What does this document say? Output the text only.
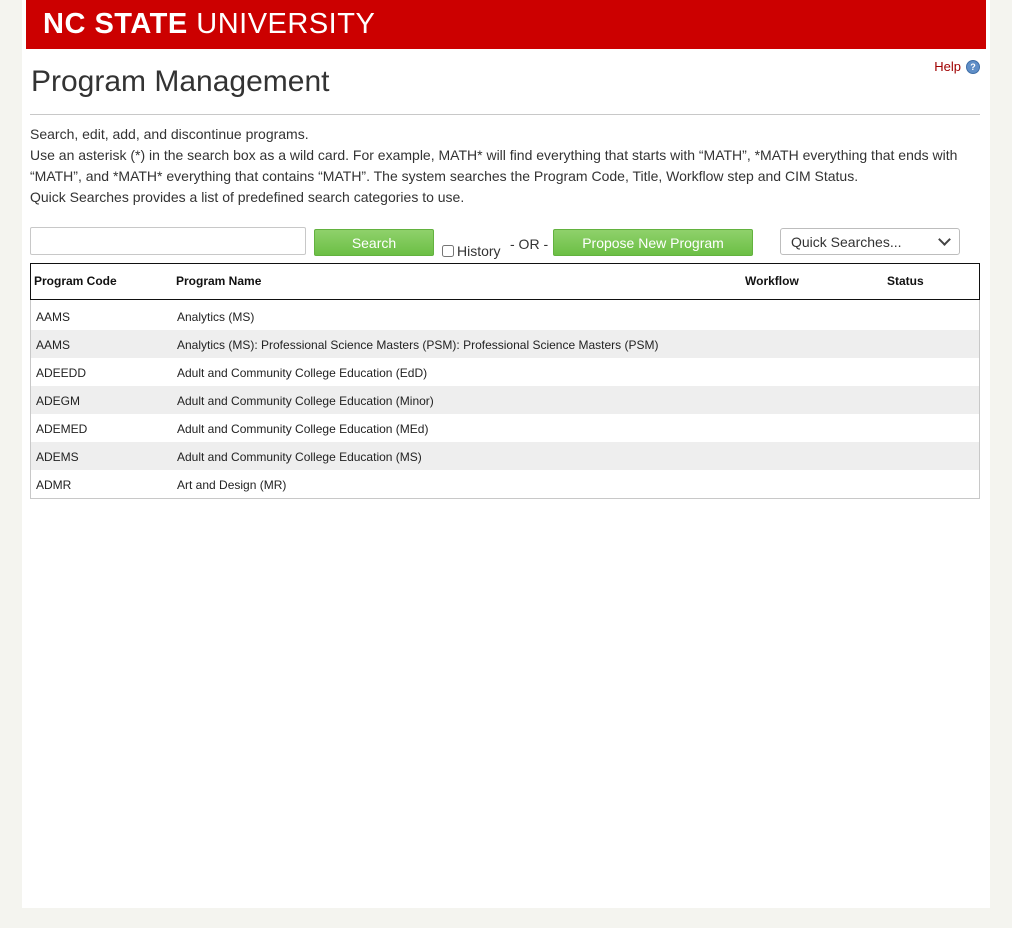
NC STATE UNIVERSITY
Help	?
Program Management

Search, edit, add, and discontinue programs.

Use an asterisk (*) in the search box as a wild card. For example, MATH* will find everything that starts with “MATH”, *MATH everything that ends with “MATH”, and *MATH* everything that contains “MATH”. The system searches the Program Code, Title, Workflow step and CIM Status.

Quick Searches provides a list of predefined search categories to use.

Search
History - OR -	Propose New Program	Quick Searches...
Program Code	Program Name	Workflow	Status
AAMS	Analytics (MS)
AAMS	Analytics (MS): Professional Science Masters (PSM): Professional Science Masters (PSM)
ADEEDD	Adult and Community College Education (EdD)
ADEGM	Adult and Community College Education (Minor)
ADEMED	Adult and Community College Education (MEd)
ADEMS	Adult and Community College Education (MS)
ADMR	Art and Design (MR)
